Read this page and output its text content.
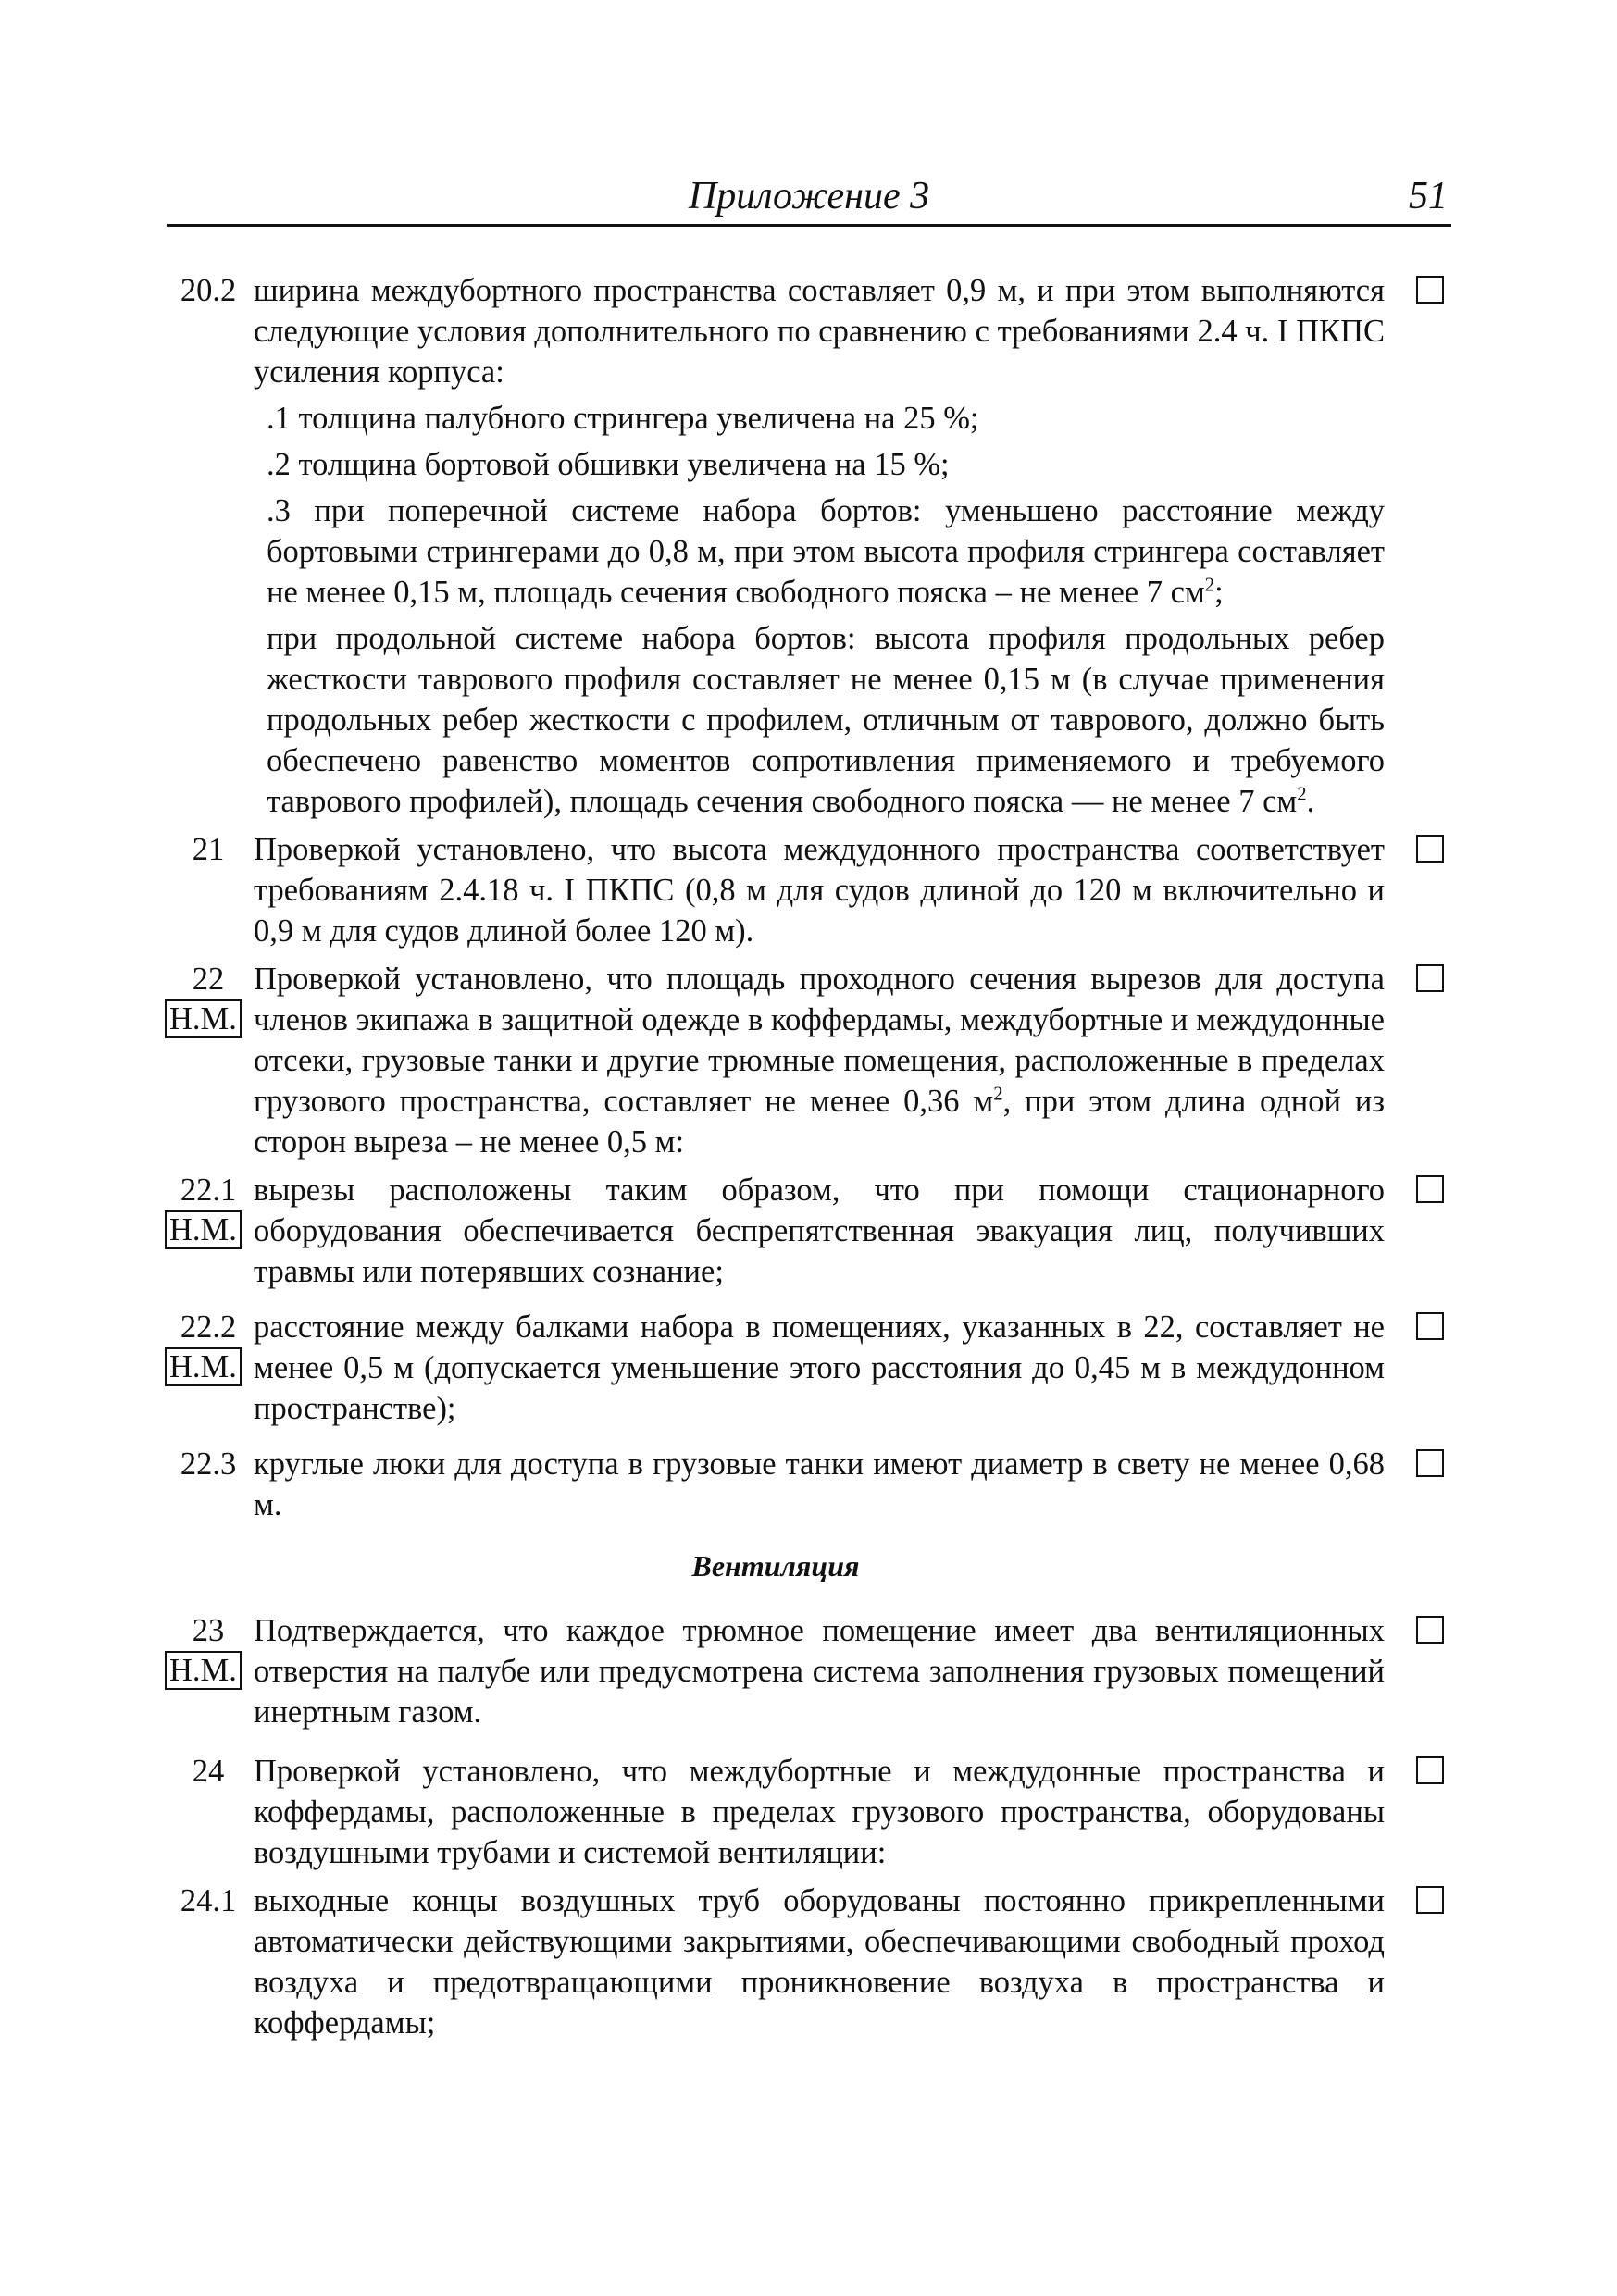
Приложение 3	51
20.2 ширина междубортного пространства составляет 0,9 м, и при этом выполняются следующие условия дополнительного по сравнению с требованиями 2.4 ч. I ПКПС усиления корпуса:
.1 толщина палубного стрингера увеличена на 25 %;
.2 толщина бортовой обшивки увеличена на 15 %;
.3 при поперечной системе набора бортов: уменьшено расстояние между бортовыми стрингерами до 0,8 м, при этом высота профиля стрингера составляет не менее 0,15 м, площадь сечения свободного пояска – не менее 7 $см^2$;
при продольной системе набора бортов: высота профиля продольных ребер жесткости таврового профиля составляет не менее 0,15 м (в случае применения продольных ребер жесткости с профилем, отличным от таврового, должно быть обеспечено равенство моментов сопротивления применяемого и требуемого таврового профилей), площадь сечения свободного пояска — не менее 7 $см^2$.
21 Проверкой установлено, что высота междудонного пространства соответствует требованиям 2.4.18 ч. I ПКПС (0,8 м для судов длиной до 120 м включительно и 0,9 м для судов длиной более 120 м).
22
Н.М.
Проверкой установлено, что площадь проходного сечения вырезов для доступа членов экипажа в защитной одежде в коффердамы, междубортные и междудонные отсеки, грузовые танки и другие трюмные помещения, расположенные в пределах грузового пространства, составляет не менее 0,36 $м^2$, при этом длина одной из сторон выреза – не менее 0,5 м:
22.1
Н.М.
вырезы расположены таким образом, что при помощи стационарного оборудования обеспечивается беспрепятственная эвакуация лиц, получивших травмы или потерявших сознание;
22.2
Н.М.
расстояние между балками набора в помещениях, указанных в 22, составляет не менее 0,5 м (допускается уменьшение этого расстояния до 0,45 м в междудонном пространстве);
22.3 круглые люки для доступа в грузовые танки имеют диаметр в свету не менее 0,68 м.
Вентиляция
23
Н.М.
Подтверждается, что каждое трюмное помещение имеет два вентиляционных отверстия на палубе или предусмотрена система заполнения грузовых помещений инертным газом.
24 Проверкой установлено, что междубортные и междудонные пространства и коффердамы, расположенные в пределах грузового пространства, оборудованы воздушными трубами и системой вентиляции:
24.1 выходные концы воздушных труб оборудованы постоянно прикрепленными автоматически действующими закрытиями, обеспечивающими свободный проход воздуха и предотвращающими проникновение воздуха в пространства и коффердамы;
